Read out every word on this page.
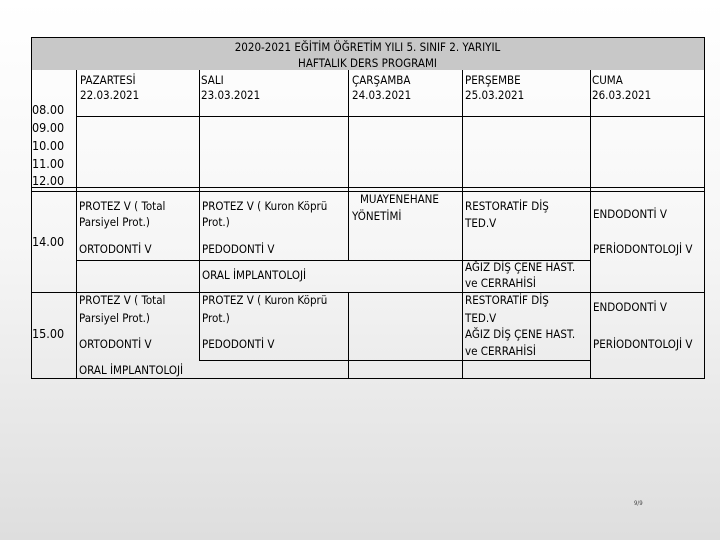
2020-2021 EĞİTİM ÖĞRETİM YILI 5. SINIF 2. YARIYIL
HAFTALIK DERS PROGRAMI
PAZARTESİ
22.03.2021
SALI
23.03.2021
ÇARŞAMBA
24.03.2021
PERŞEMBE
25.03.2021
CUMA
26.03.2021
08.00
09.00
10.00
11.00
12.00
14.00
15.00
PROTEZ V ( Total
Parsiyel Prot.)
ORTODONTİ V
PROTEZ V ( Kuron Köprü
Prot.)
PEDODONTİ V
ORAL İMPLANTOLOJİ
MUAYENEHANE
YÖNETİMİ
RESTORATİF DİŞ
TED.V
AĞIZ DİŞ ÇENE HAST.
ve CERRAHİSİ
ENDODONTİ V
PERİODONTOLOJİ V
PROTEZ V ( Total
Parsiyel Prot.)
ORTODONTİ V
ORAL İMPLANTOLOJİ
PROTEZ V ( Kuron Köprü
Prot.)
PEDODONTİ V
RESTORATİF DİŞ
TED.V
AĞIZ DİŞ ÇENE HAST.
ve CERRAHİSİ
ENDODONTİ V
PERİODONTOLOJİ V
9/9
